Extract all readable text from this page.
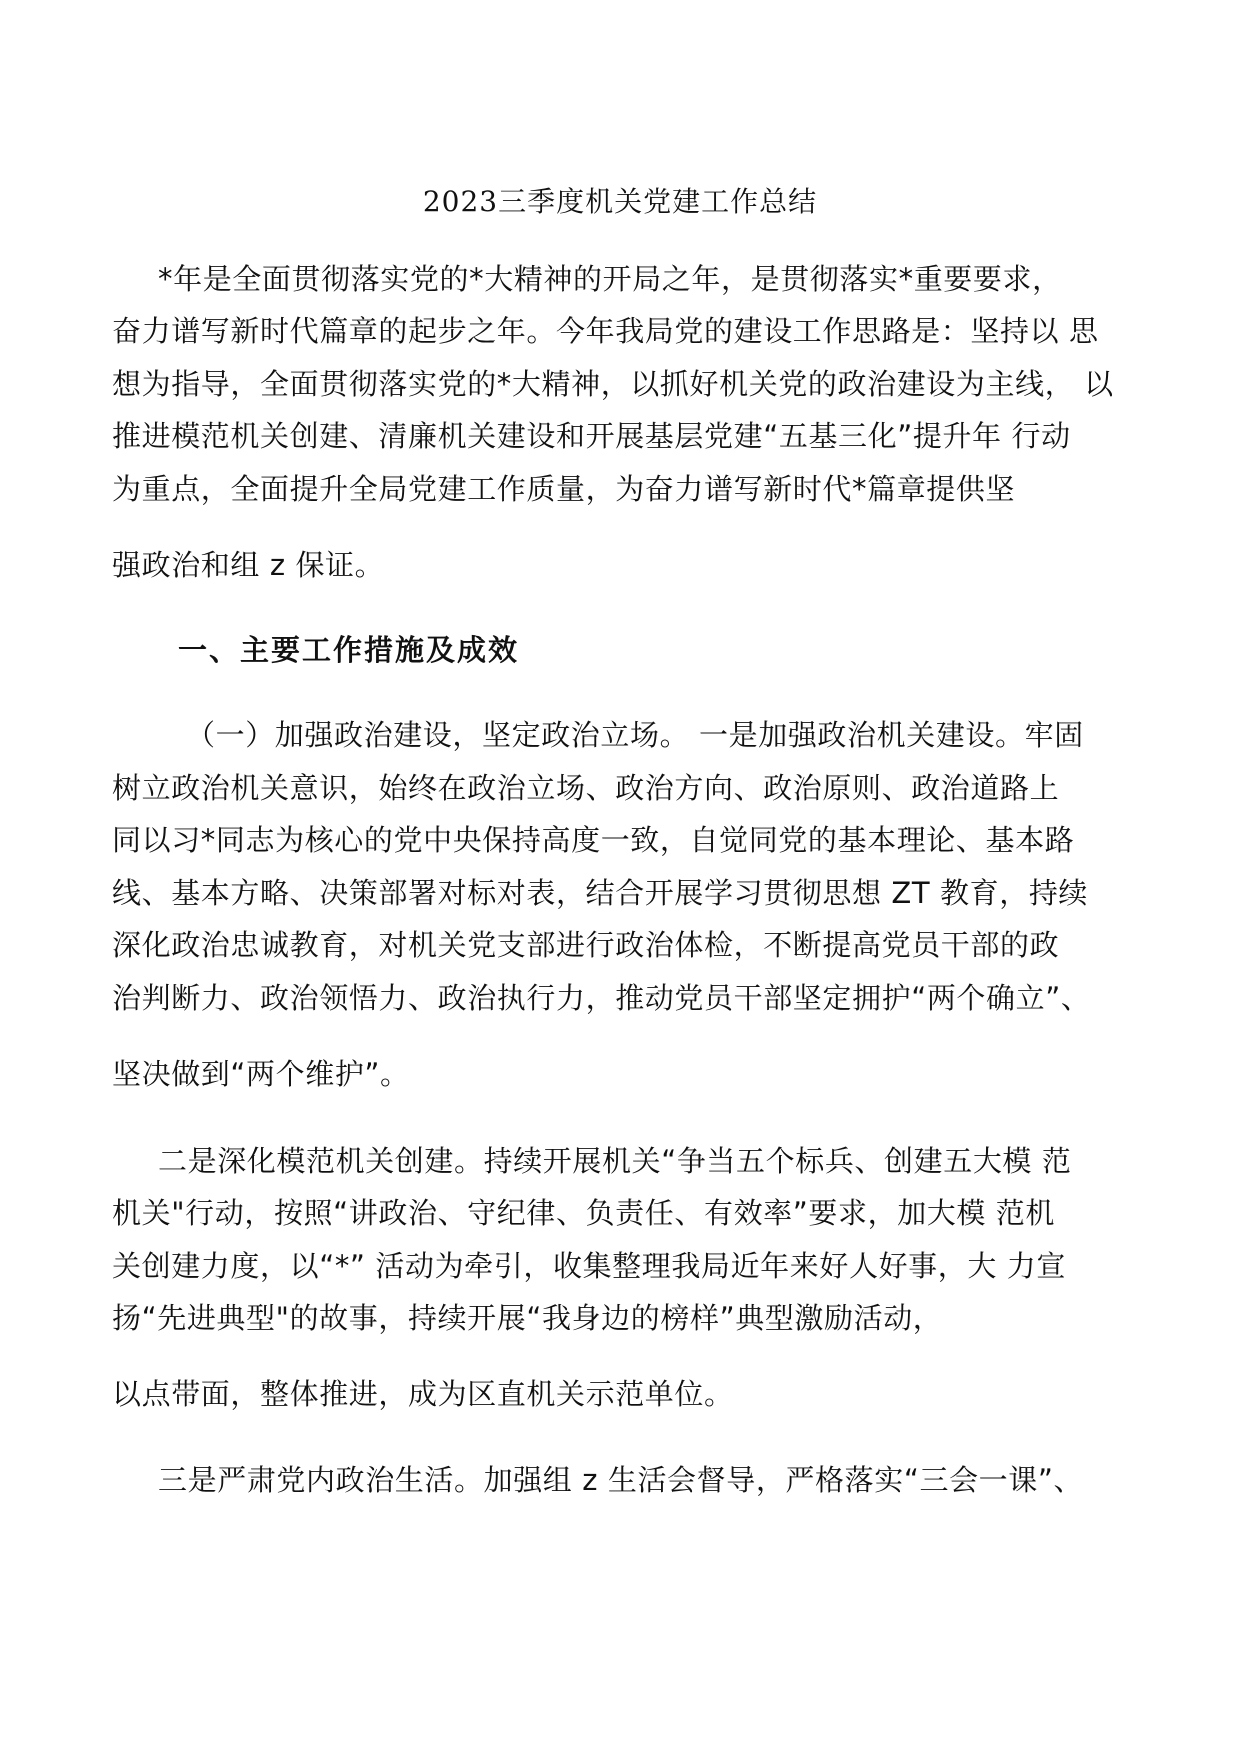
2023三季度机关党建工作总结
*年是全面贯彻落实党的*大精神的开局之年，是贯彻落实*重要要求，
奋力谱写新时代篇章的起步之年。今年我局党的建设工作思路是：坚持以 思
想为指导，全面贯彻落实党的*大精神，以抓好机关党的政治建设为主线， 以
推进模范机关创建、清廉机关建设和开展基层党建“五基三化”提升年 行动
为重点，全面提升全局党建工作质量，为奋力谱写新时代*篇章提供坚
强政治和组 z 保证。
一、主要工作措施及成效
（一）加强政治建设，坚定政治立场。 一是加强政治机关建设。牢固
树立政治机关意识，始终在政治立场、政治方向、政治原则、政治道路上
同以习*同志为核心的党中央保持高度一致，自觉同党的基本理论、基本路
线、基本方略、决策部署对标对表，结合开展学习贯彻思想 ZT 教育，持续
深化政治忠诚教育，对机关党支部进行政治体检，不断提高党员干部的政
治判断力、政治领悟力、政治执行力，推动党员干部坚定拥护“两个确立”、
坚决做到“两个维护”。
二是深化模范机关创建。持续开展机关“争当五个标兵、创建五大模 范
机关"行动，按照“讲政治、守纪律、负责任、有效率”要求，加大模 范机
关创建力度，以“*” 活动为牵引，收集整理我局近年来好人好事，大 力宣
扬“先进典型"的故事，持续开展“我身边的榜样”典型激励活动，
以点带面，整体推进，成为区直机关示范单位。
三是严肃党内政治生活。加强组 z 生活会督导，严格落实“三会一课”、
